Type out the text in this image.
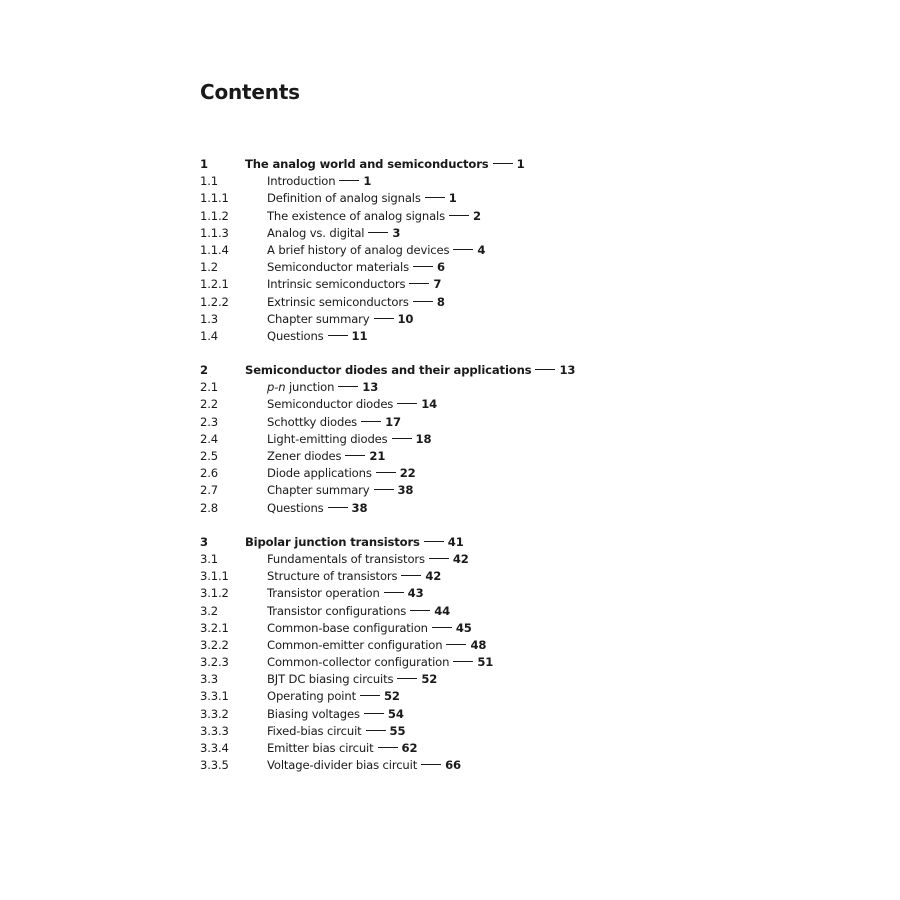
Contents
1	The analog world and semiconductors 1
1.1	Introduction 1
1.1.1	Definition of analog signals 1
1.1.2	The existence of analog signals 2
1.1.3	Analog vs. digital 3
1.1.4	A brief history of analog devices 4
1.2	Semiconductor materials 6
1.2.1	Intrinsic semiconductors 7
1.2.2	Extrinsic semiconductors 8
1.3	Chapter summary 10
1.4	Questions 11
2	Semiconductor diodes and their applications 13
2.1	p-n junction 13
2.2	Semiconductor diodes 14
2.3	Schottky diodes 17
2.4	Light-emitting diodes 18
2.5	Zener diodes 21
2.6	Diode applications 22
2.7	Chapter summary 38
2.8	Questions 38
3	Bipolar junction transistors 41
3.1	Fundamentals of transistors 42
3.1.1	Structure of transistors 42
3.1.2	Transistor operation 43
3.2	Transistor configurations 44
3.2.1	Common-base configuration 45
3.2.2	Common-emitter configuration 48
3.2.3	Common-collector configuration 51
3.3	BJT DC biasing circuits 52
3.3.1	Operating point 52
3.3.2	Biasing voltages 54
3.3.3	Fixed-bias circuit 55
3.3.4	Emitter bias circuit 62
3.3.5	Voltage-divider bias circuit 66
